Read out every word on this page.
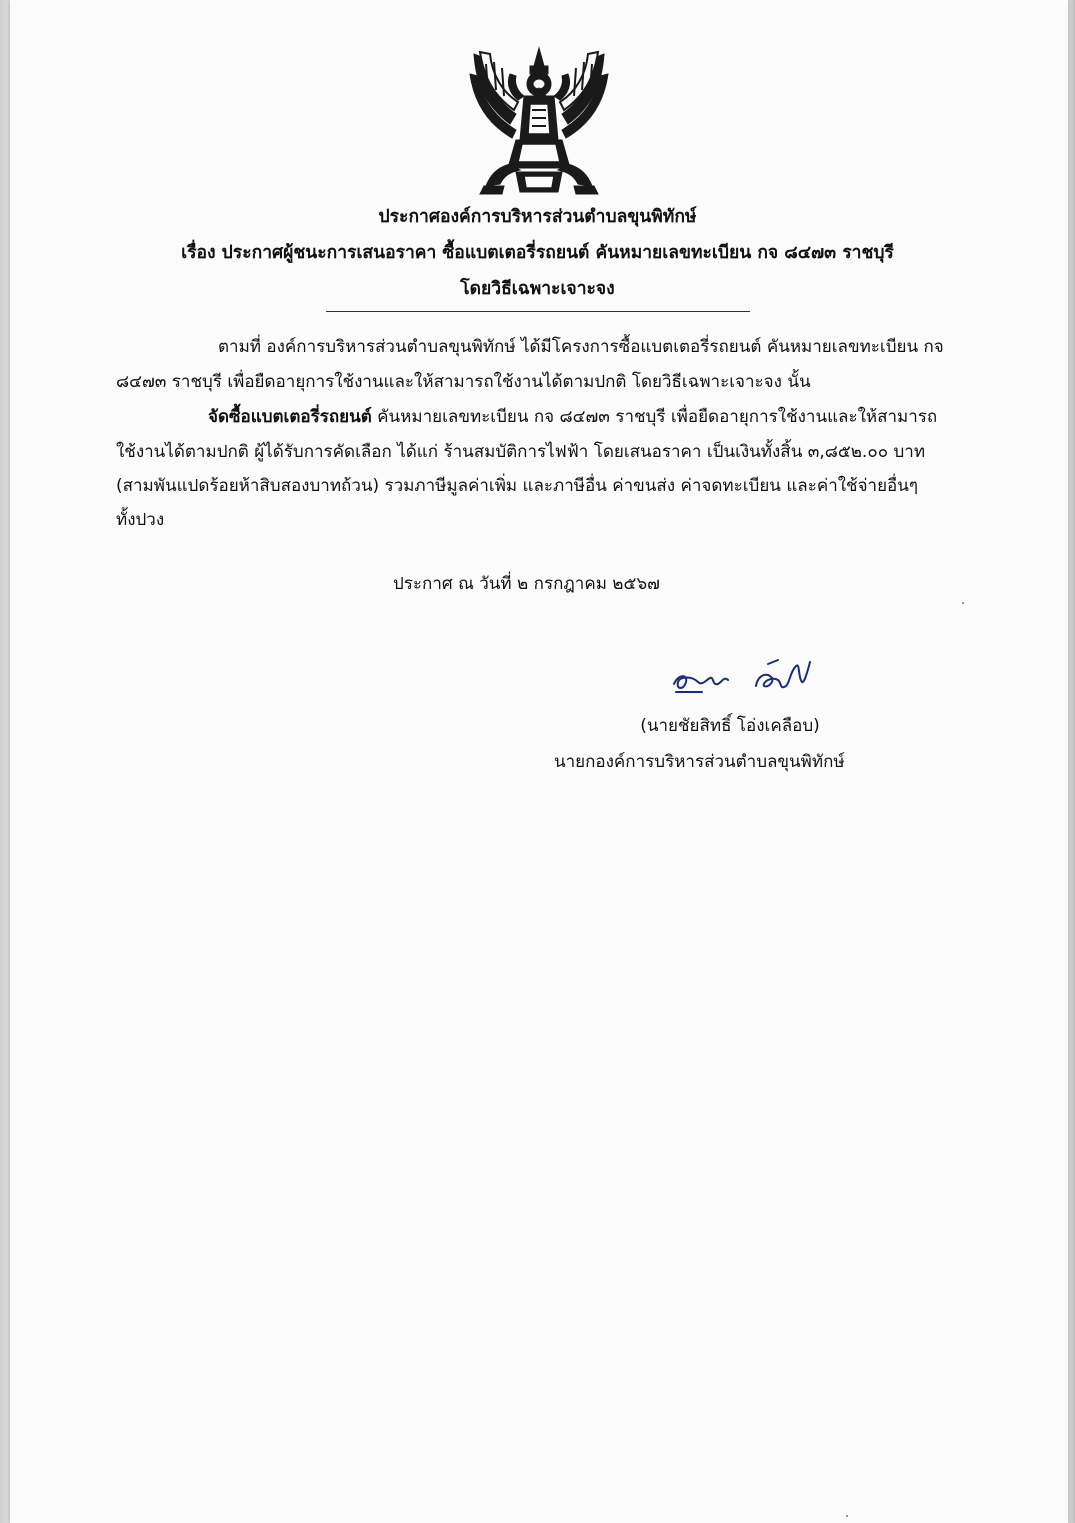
ประกาศองค์การบริหารส่วนตำบลขุนพิทักษ์
เรื่อง ประกาศผู้ชนะการเสนอราคา ซื้อแบตเตอรี่รถยนต์ คันหมายเลขทะเบียน กจ ๘๔๗๓ ราชบุรี
โดยวิธีเฉพาะเจาะจง
ตามที่ องค์การบริหารส่วนตำบลขุนพิทักษ์ ได้มีโครงการซื้อแบตเตอรี่รถยนต์ คันหมายเลขทะเบียน กจ
๘๔๗๓ ราชบุรี เพื่อยืดอายุการใช้งานและให้สามารถใช้งานได้ตามปกติ โดยวิธีเฉพาะเจาะจง นั้น
จัดซื้อแบตเตอรี่รถยนต์ คันหมายเลขทะเบียน กจ ๘๔๗๓ ราชบุรี เพื่อยืดอายุการใช้งานและให้สามารถ
ใช้งานได้ตามปกติ ผู้ได้รับการคัดเลือก ได้แก่ ร้านสมบัติการไฟฟ้า โดยเสนอราคา เป็นเงินทั้งสิ้น ๓,๘๕๒.๐๐ บาท
(สามพันแปดร้อยห้าสิบสองบาทถ้วน) รวมภาษีมูลค่าเพิ่ม และภาษีอื่น ค่าขนส่ง ค่าจดทะเบียน และค่าใช้จ่ายอื่นๆ
ทั้งปวง
ประกาศ ณ วันที่ ๒ กรกฎาคม ๒๕๖๗
(นายชัยสิทธิ์ โอ่งเคลือบ)
นายกองค์การบริหารส่วนตำบลขุนพิทักษ์
